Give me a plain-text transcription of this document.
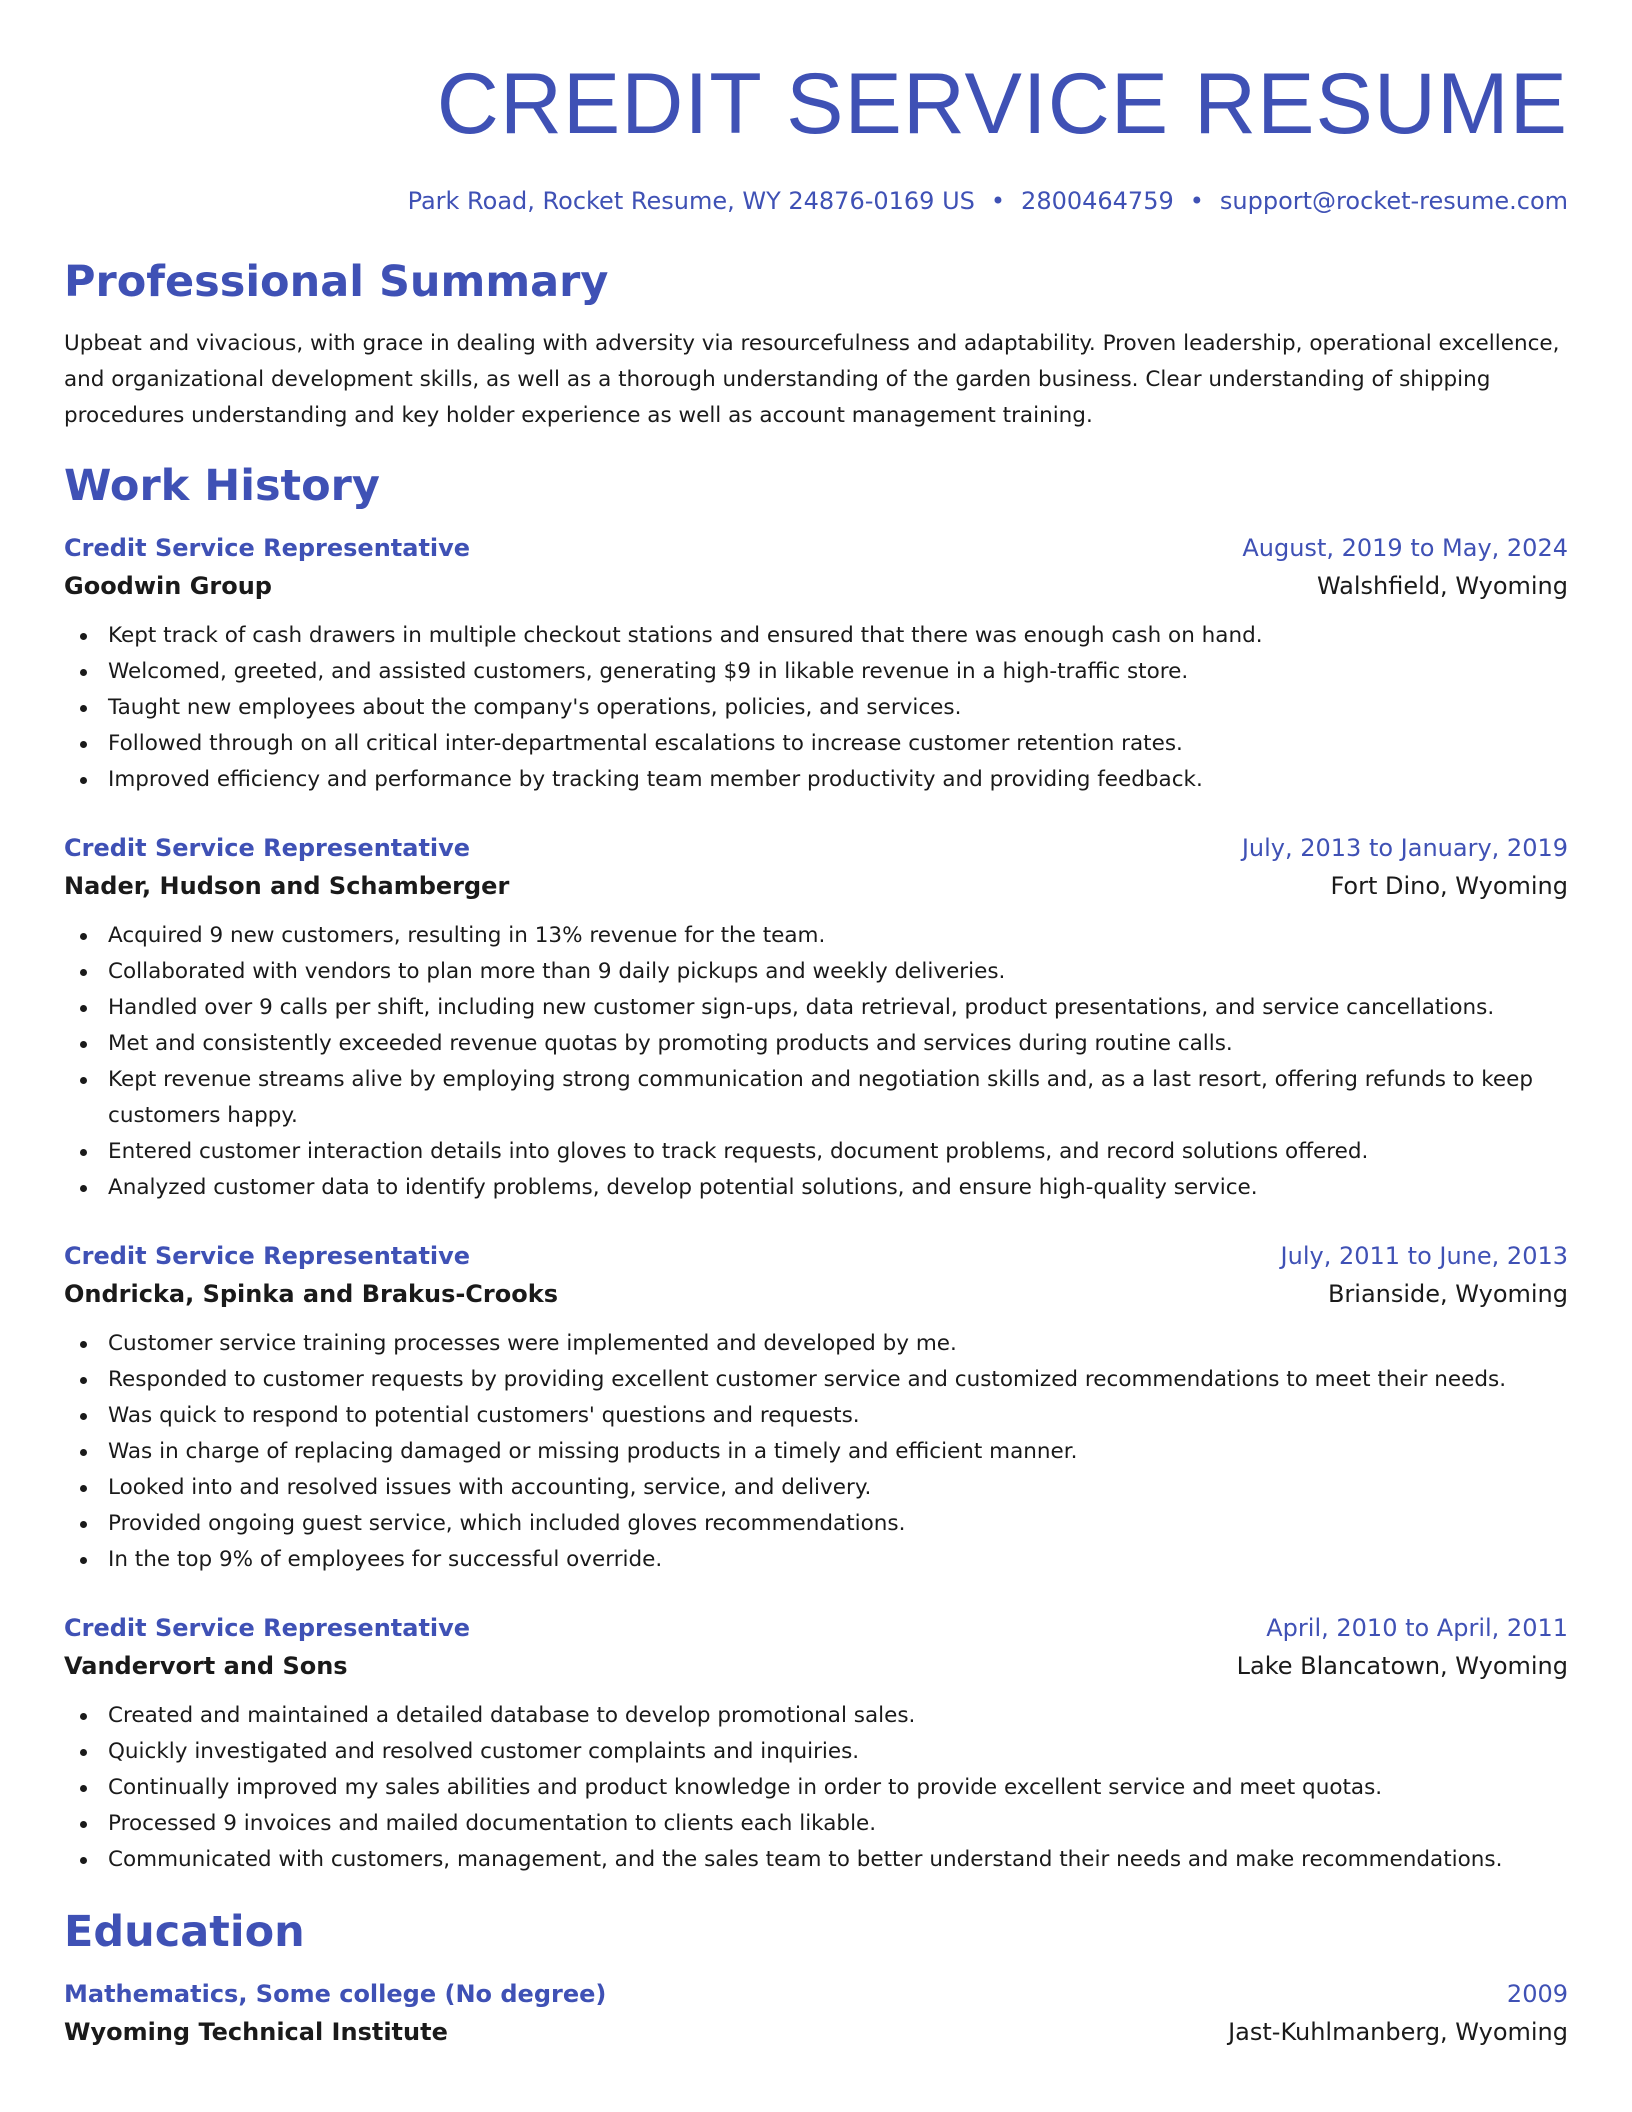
CREDIT SERVICE RESUME
Park Road, Rocket Resume, WY 24876-0169 US • 2800464759 • support@rocket-resume.com
Professional Summary

Upbeat and vivacious, with grace in dealing with adversity via resourcefulness and adaptability. Proven leadership, operational excellence, and organizational development skills, as well as a thorough understanding of the garden business. Clear understanding of shipping procedures understanding and key holder experience as well as account management training.

Work History
Credit Service Representative	August, 2019 to May, 2024
Goodwin Group	Walshfield, Wyoming
Kept track of cash drawers in multiple checkout stations and ensured that there was enough cash on hand.
Welcomed, greeted, and assisted customers, generating $9 in likable revenue in a high-traffic store.
Taught new employees about the company's operations, policies, and services.
Followed through on all critical inter-departmental escalations to increase customer retention rates.
Improved efficiency and performance by tracking team member productivity and providing feedback.
Credit Service Representative	July, 2013 to January, 2019
Nader, Hudson and Schamberger	Fort Dino, Wyoming
Acquired 9 new customers, resulting in 13% revenue for the team.
Collaborated with vendors to plan more than 9 daily pickups and weekly deliveries.
Handled over 9 calls per shift, including new customer sign-ups, data retrieval, product presentations, and service cancellations.
Met and consistently exceeded revenue quotas by promoting products and services during routine calls.
Kept revenue streams alive by employing strong communication and negotiation skills and, as a last resort, offering refunds to keep customers happy.
Entered customer interaction details into gloves to track requests, document problems, and record solutions offered.
Analyzed customer data to identify problems, develop potential solutions, and ensure high-quality service.
Credit Service Representative	July, 2011 to June, 2013
Ondricka, Spinka and Brakus-Crooks	Brianside, Wyoming
Customer service training processes were implemented and developed by me.
Responded to customer requests by providing excellent customer service and customized recommendations to meet their needs.
Was quick to respond to potential customers' questions and requests.
Was in charge of replacing damaged or missing products in a timely and efficient manner.
Looked into and resolved issues with accounting, service, and delivery.
Provided ongoing guest service, which included gloves recommendations.
In the top 9% of employees for successful override.
Credit Service Representative	April, 2010 to April, 2011
Vandervort and Sons	Lake Blancatown, Wyoming
Created and maintained a detailed database to develop promotional sales.
Quickly investigated and resolved customer complaints and inquiries.
Continually improved my sales abilities and product knowledge in order to provide excellent service and meet quotas.
Processed 9 invoices and mailed documentation to clients each likable.
Communicated with customers, management, and the sales team to better understand their needs and make recommendations.
Education
Mathematics, Some college (No degree)	2009
Wyoming Technical Institute	Jast-Kuhlmanberg, Wyoming
